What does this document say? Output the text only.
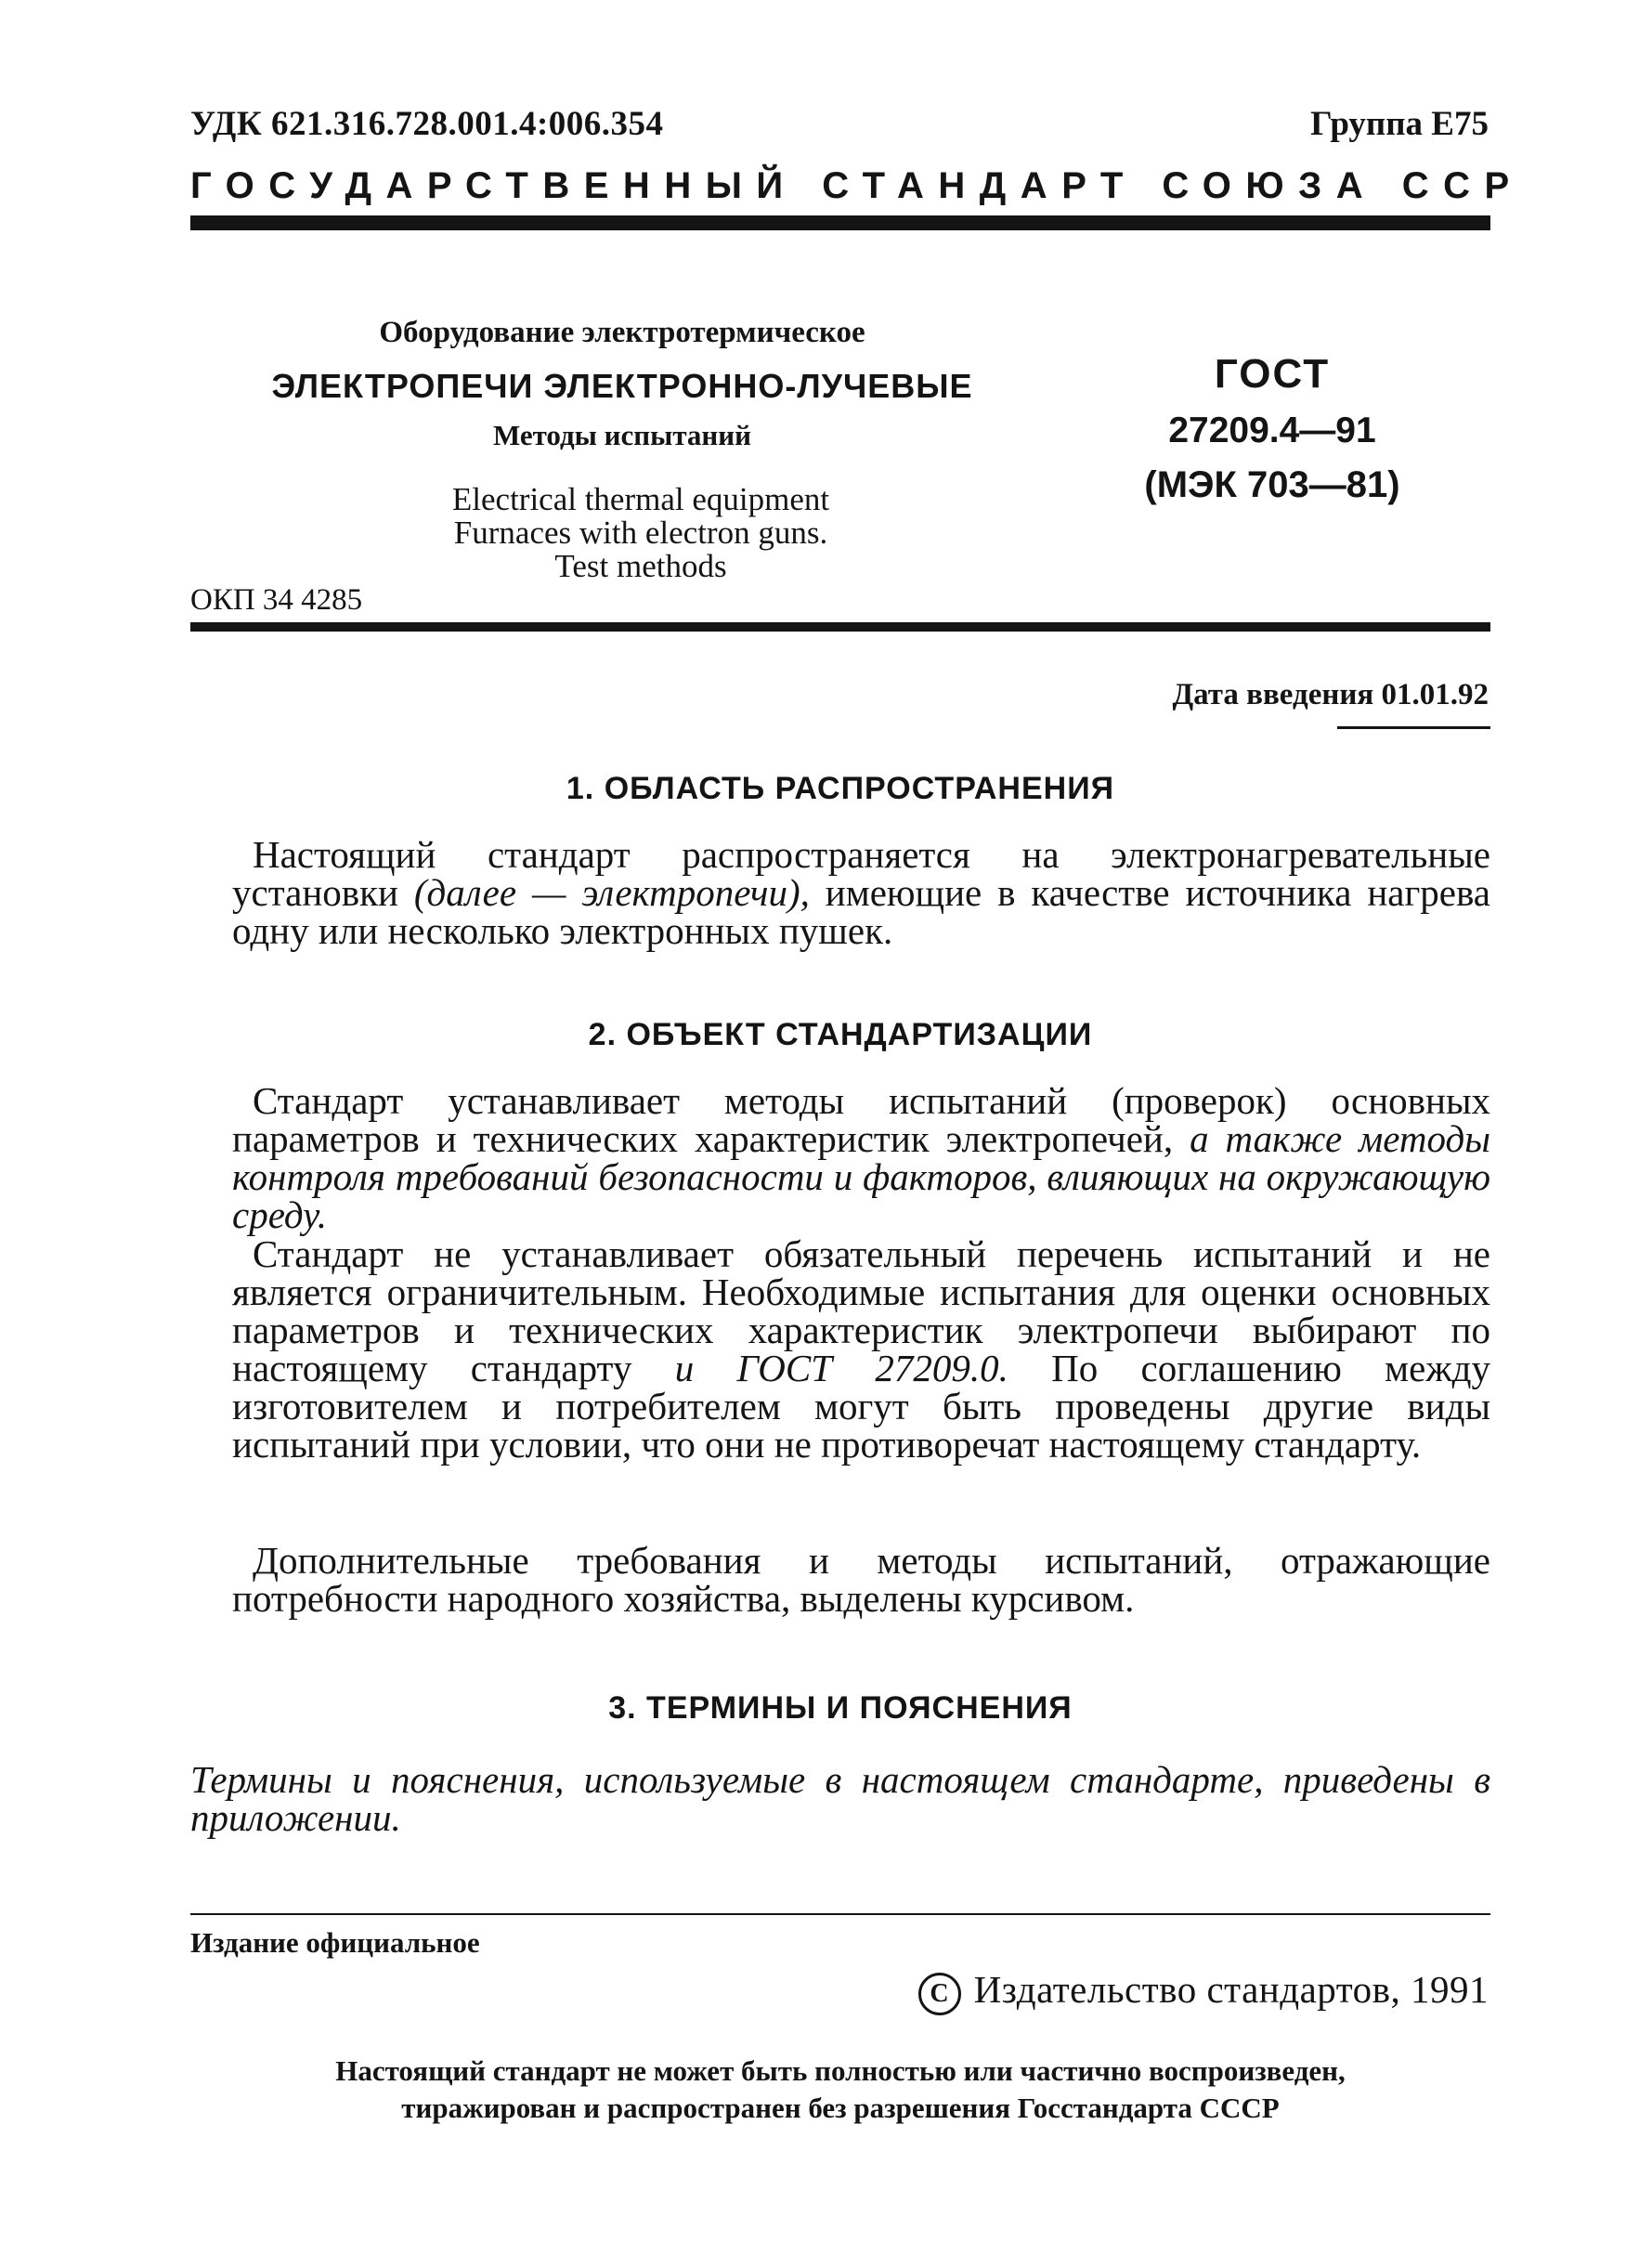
УДК 621.316.728.001.4:006.354	Группа Е75
ГОСУДАРСТВЕННЫЙ СТАНДАРТ СОЮЗА ССР
Оборудование электротермическое
ЭЛЕКТРОПЕЧИ ЭЛЕКТРОННО-ЛУЧЕВЫЕ
Методы испытаний
Electrical thermal equipment
Furnaces with electron guns.
Test methods
ОКП 34 4285
ГОСТ
27209.4—91
(МЭК 703—81)
Дата введения 01.01.92
1. ОБЛАСТЬ РАСПРОСТРАНЕНИЯ
Настоящий стандарт распространяется на электронагревательные установки (далее — электропечи), имеющие в качестве источника нагрева одну или несколько электронных пушек.
2. ОБЪЕКТ СТАНДАРТИЗАЦИИ
Стандарт устанавливает методы испытаний (проверок) основных параметров и технических характеристик электропечей, а также методы контроля требований безопасности и факторов, влияющих на окружающую среду.
Стандарт не устанавливает обязательный перечень испытаний и не является ограничительным. Необходимые испытания для оценки основных параметров и технических характеристик электропечи выбирают по настоящему стандарту и ГОСТ 27209.0. По соглашению между изготовителем и потребителем могут быть проведены другие виды испытаний при условии, что они не противоречат настоящему стандарту.
Дополнительные требования и методы испытаний, отражающие потребности народного хозяйства, выделены курсивом.
3. ТЕРМИНЫ И ПОЯСНЕНИЯ
Термины и пояснения, используемые в настоящем стандарте, приведены в приложении.
Издание официальное
C Издательство стандартов, 1991
Настоящий стандарт не может быть полностью или частично воспроизведен,
тиражирован и распространен без разрешения Госстандарта СССР
